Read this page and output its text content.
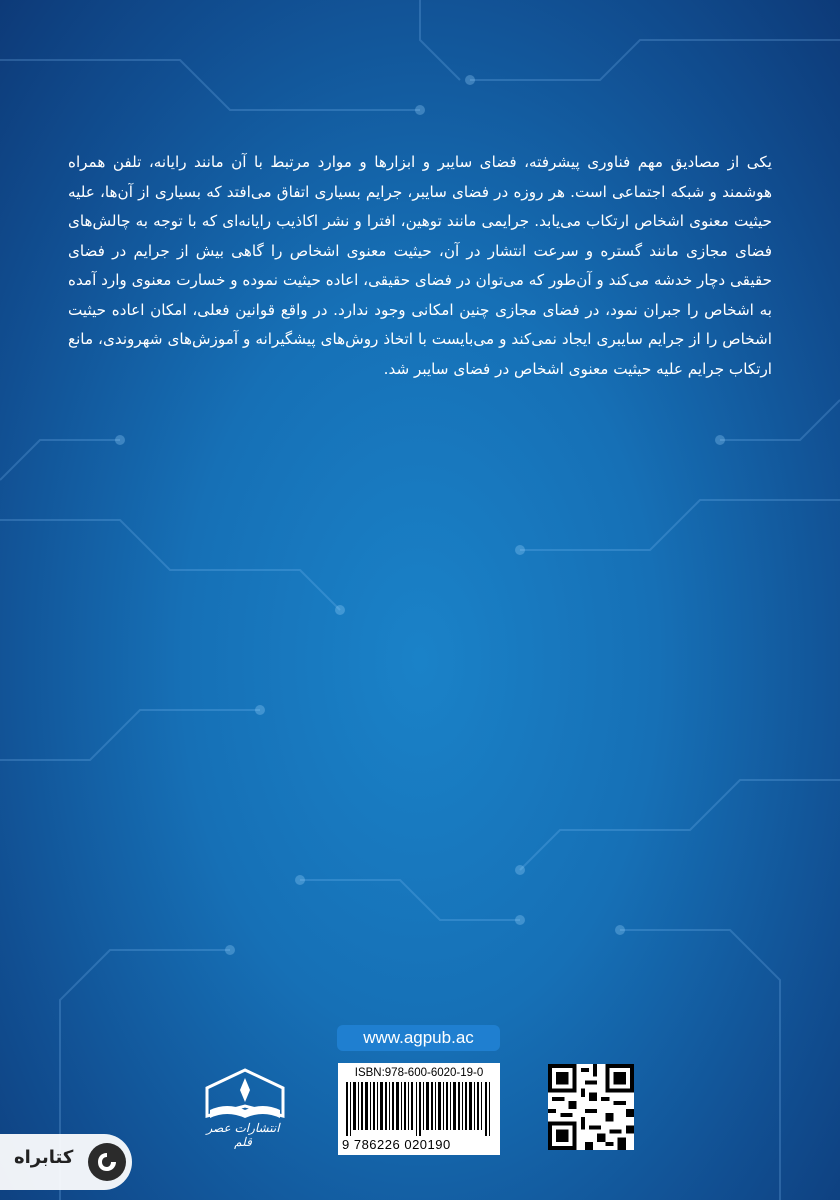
یکی از مصادیق مهم فناوری پیشرفته، فضای سایبر و ابزارها و موارد مرتبط با آن مانند رایانه، تلفن همراه هوشمند و شبکه اجتماعی است. هر روزه در فضای سایبر، جرایم بسیاری اتفاق می‌افتد که بسیاری از آن‌ها، علیه حیثیت معنوی اشخاص ارتکاب می‌یابد. جرایمی مانند توهین، افترا و نشر اکاذیب رایانه‌ای که با توجه به چالش‌های فضای مجازی مانند گستره و سرعت انتشار در آن، حیثیت معنوی اشخاص را گاهی بیش از جرایم در فضای حقیقی دچار خدشه می‌کند و آن‌طور که می‌توان در فضای حقیقی، اعاده حیثیت نموده و خسارت معنوی وارد آمده به اشخاص را جبران نمود، در فضای مجازی چنین امکانی وجود ندارد. در واقع قوانین فعلی، امکان اعاده حیثیت اشخاص را از جرایم سایبری ایجاد نمی‌کند و می‌بایست با اتخاذ روش‌های پیشگیرانه و آموزش‌های شهروندی، مانع ارتکاب جرایم علیه حیثیت معنوی اشخاص در فضای سایبر شد.

www.agpub.ac
ISBN:978-600-6020-19-0
9 786226 020190
انتشارات عصر قلم
کتابراه
